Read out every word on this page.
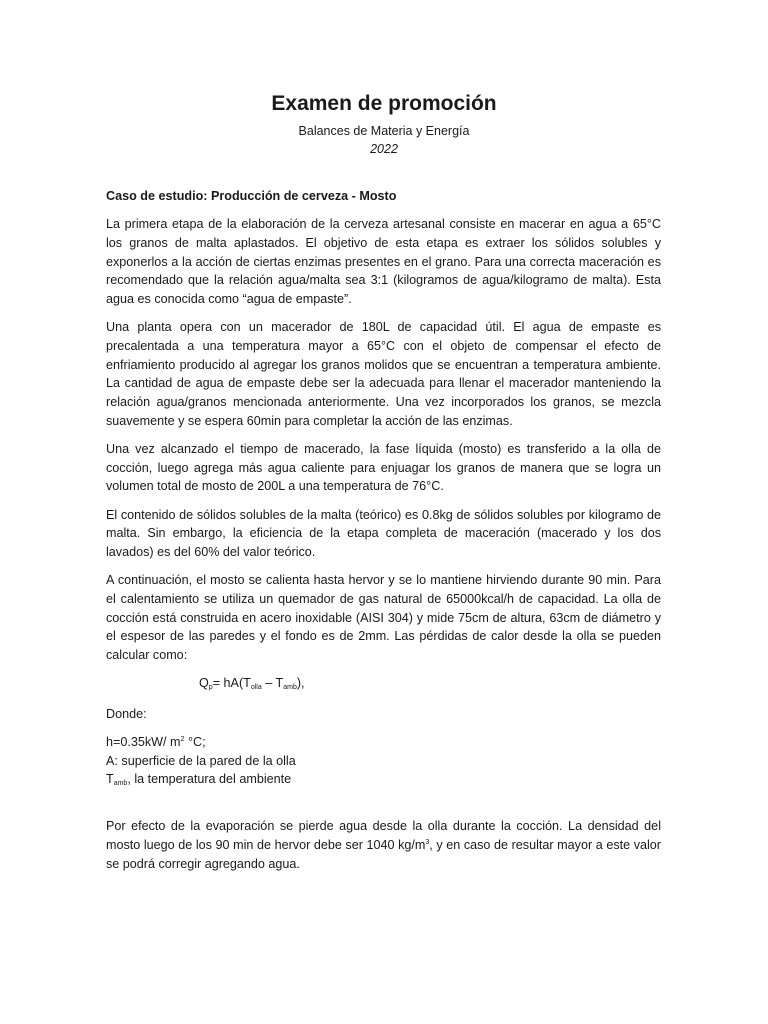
Examen de promoción
Balances de Materia y Energía
2022

Caso de estudio: Producción de cerveza - Mosto

La primera etapa de la elaboración de la cerveza artesanal consiste en macerar en agua a 65°C los granos de malta aplastados. El objetivo de esta etapa es extraer los sólidos solubles y exponerlos a la acción de ciertas enzimas presentes en el grano. Para una correcta maceración es recomendado que la relación agua/malta sea 3:1 (kilogramos de agua/kilogramo de malta). Esta agua es conocida como “agua de empaste”.

Una planta opera con un macerador de 180L de capacidad útil. El agua de empaste es precalentada a una temperatura mayor a 65°C con el objeto de compensar el efecto de enfriamiento producido al agregar los granos molidos que se encuentran a temperatura ambiente. La cantidad de agua de empaste debe ser la adecuada para llenar el macerador manteniendo la relación agua/granos mencionada anteriormente. Una vez incorporados los granos, se mezcla suavemente y se espera 60min para completar la acción de las enzimas.

Una vez alcanzado el tiempo de macerado, la fase líquida (mosto) es transferido a la olla de cocción, luego agrega más agua caliente para enjuagar los granos de manera que se logra un volumen total de mosto de 200L a una temperatura de 76°C.

El contenido de sólidos solubles de la malta (teórico) es 0.8kg de sólidos solubles por kilogramo de malta. Sin embargo, la eficiencia de la etapa completa de maceración (macerado y los dos lavados) es del 60% del valor teórico.

A continuación, el mosto se calienta hasta hervor y se lo mantiene hirviendo durante 90 min. Para el calentamiento se utiliza un quemador de gas natural de 65000kcal/h de capacidad. La olla de cocción está construida en acero inoxidable (AISI 304) y mide 75cm de altura, 63cm de diámetro y el espesor de las paredes y el fondo es de 2mm. Las pérdidas de calor desde la olla se pueden calcular como:

$Q_p= hA(T_{olla} - T_{amb})$,

Donde:

h=0.35kW/ $m^2$ °C;
A: superficie de la pared de la olla
$T_{amb}$, la temperatura del ambiente

Por efecto de la evaporación se pierde agua desde la olla durante la cocción. La densidad del mosto luego de los 90 min de hervor debe ser 1040 $kg/m^3$, y en caso de resultar mayor a este valor se podrá corregir agregando agua.
